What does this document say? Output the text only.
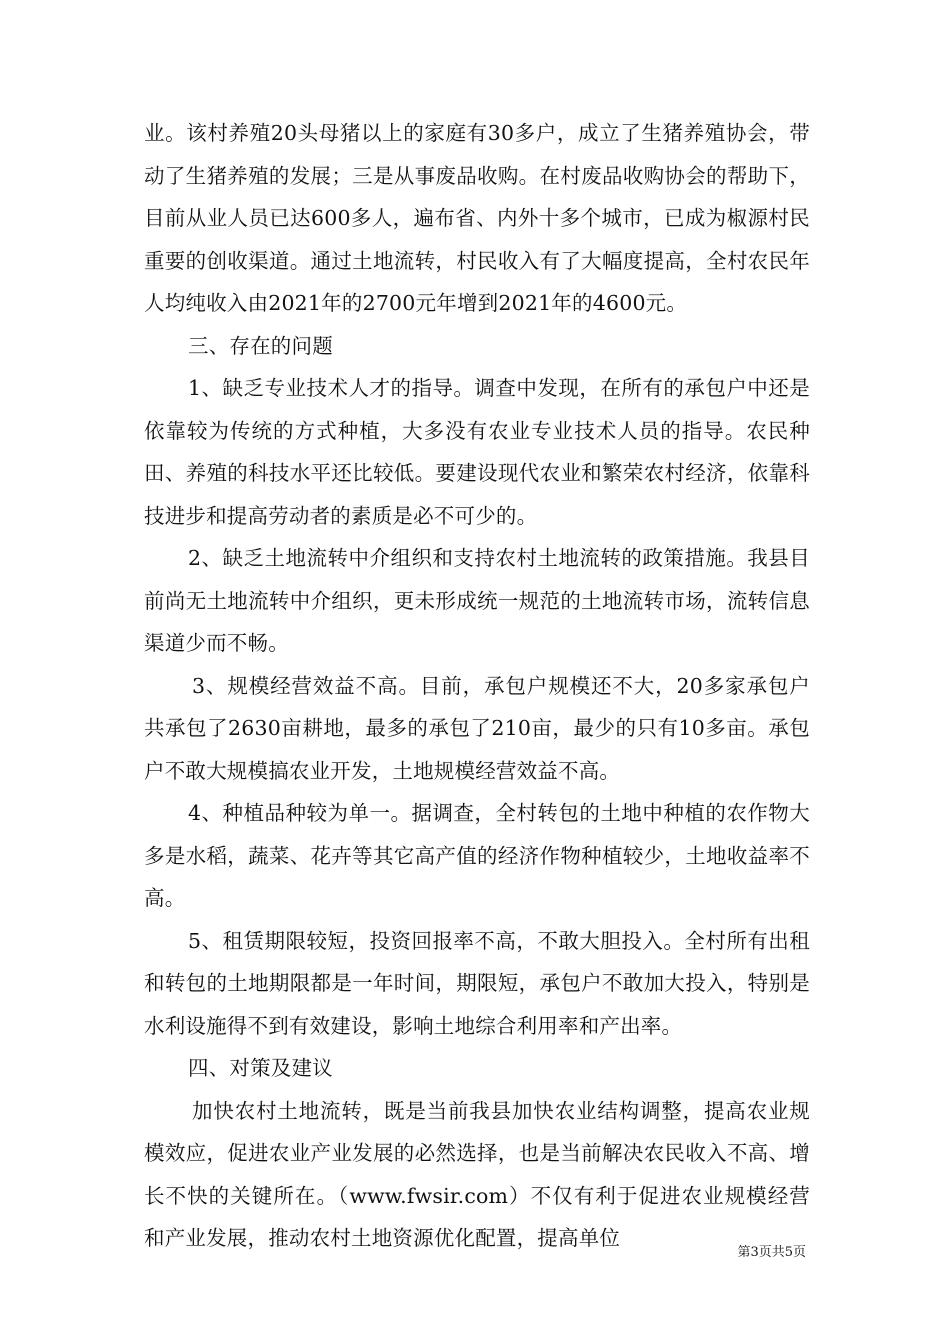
业。该村养殖20头母猪以上的家庭有30多户，成立了生猪养殖协会，带动了生猪养殖的发展；三是从事废品收购。在村废品收购协会的帮助下，目前从业人员已达600多人，遍布省、内外十多个城市，已成为椒源村民重要的创收渠道。通过土地流转，村民收入有了大幅度提高，全村农民年人均纯收入由2021年的2700元年增到2021年的4600元。

三、存在的问题

1、缺乏专业技术人才的指导。调查中发现，在所有的承包户中还是依靠较为传统的方式种植，大多没有农业专业技术人员的指导。农民种田、养殖的科技水平还比较低。要建设现代农业和繁荣农村经济，依靠科技进步和提高劳动者的素质是必不可少的。

2、缺乏土地流转中介组织和支持农村土地流转的政策措施。我县目前尚无土地流转中介组织，更未形成统一规范的土地流转市场，流转信息渠道少而不畅。

3、规模经营效益不高。目前，承包户规模还不大，20多家承包户共承包了2630亩耕地，最多的承包了210亩，最少的只有10多亩。承包户不敢大规模搞农业开发，土地规模经营效益不高。

4、种植品种较为单一。据调查，全村转包的土地中种植的农作物大多是水稻，蔬菜、花卉等其它高产值的经济作物种植较少，土地收益率不高。

5、租赁期限较短，投资回报率不高，不敢大胆投入。全村所有出租和转包的土地期限都是一年时间，期限短，承包户不敢加大投入，特别是水利设施得不到有效建设，影响土地综合利用率和产出率。

四、对策及建议

加快农村土地流转，既是当前我县加快农业结构调整，提高农业规模效应，促进农业产业发展的必然选择，也是当前解决农民收入不高、增长不快的关键所在。（www.fwsir.com）不仅有利于促进农业规模经营和产业发展，推动农村土地资源优化配置，提高单位

第3页共5页
